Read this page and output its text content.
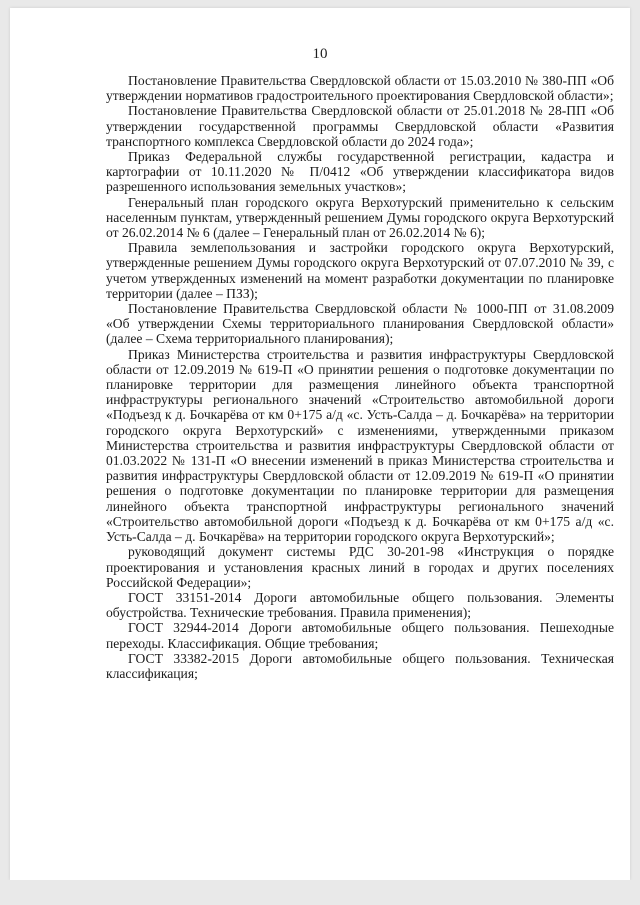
10

Постановление Правительства Свердловской области от 15.03.2010 № 380-ПП «Об утверждении нормативов градостроительного проектирования Свердловской области»;

Постановление Правительства Свердловской области от 25.01.2018 № 28-ПП «Об утверждении государственной программы Свердловской области «Развития транспортного комплекса Свердловской области до 2024 года»;

Приказ Федеральной службы государственной регистрации, кадастра и картографии от 10.11.2020 № П/0412 «Об утверждении классификатора видов разрешенного использования земельных участков»;

Генеральный план городского округа Верхотурский применительно к сельским населенным пунктам, утвержденный решением Думы городского округа Верхотурский от 26.02.2014 № 6 (далее – Генеральный план от 26.02.2014 № 6);

Правила землепользования и застройки городского округа Верхотурский, утвержденные решением Думы городского округа Верхотурский от 07.07.2010 № 39, с учетом утвержденных изменений на момент разработки документации по планировке территории (далее – ПЗЗ);

Постановление Правительства Свердловской области № 1000-ПП от 31.08.2009 «Об утверждении Схемы территориального планирования Свердловской области» (далее – Схема территориального планирования);

Приказ Министерства строительства и развития инфраструктуры Свердловской области от 12.09.2019 № 619-П «О принятии решения о подготовке документации по планировке территории для размещения линейного объекта транспортной инфраструктуры регионального значений «Строительство автомобильной дороги «Подъезд к д. Бочкарёва от км 0+175 а/д «с. Усть-Салда – д. Бочкарёва» на территории городского округа Верхотурский» с изменениями, утвержденными приказом Министерства строительства и развития инфраструктуры Свердловской области от 01.03.2022 № 131-П «О внесении изменений в приказ Министерства строительства и развития инфраструктуры Свердловской области от 12.09.2019 № 619-П «О принятии решения о подготовке документации по планировке территории для размещения линейного объекта транспортной инфраструктуры регионального значений «Строительство автомобильной дороги «Подъезд к д. Бочкарёва от км 0+175 а/д «с. Усть-Салда – д. Бочкарёва» на территории городского округа Верхотурский»;

руководящий документ системы РДС 30-201-98 «Инструкция о порядке проектирования и установления красных линий в городах и других поселениях Российской Федерации»;

ГОСТ 33151-2014 Дороги автомобильные общего пользования. Элементы обустройства. Технические требования. Правила применения);

ГОСТ 32944-2014 Дороги автомобильные общего пользования. Пешеходные переходы. Классификация. Общие требования;

ГОСТ 33382-2015 Дороги автомобильные общего пользования. Техническая классификация;
